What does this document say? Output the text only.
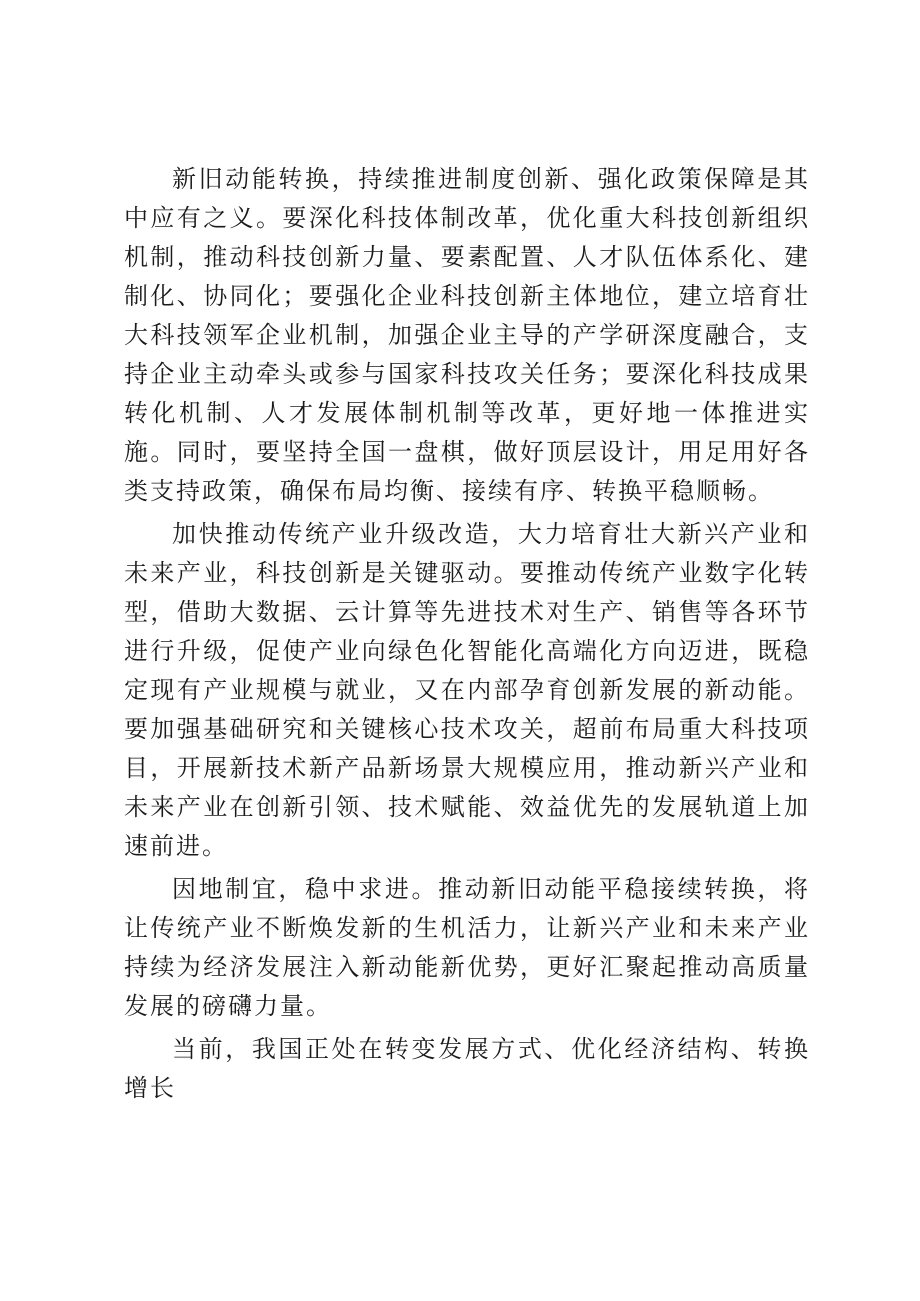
新旧动能转换，持续推进制度创新、强化政策保障是其中应有之义。要深化科技体制改革，优化重大科技创新组织机制，推动科技创新力量、要素配置、人才队伍体系化、建制化、协同化；要强化企业科技创新主体地位，建立培育壮大科技领军企业机制，加强企业主导的产学研深度融合，支持企业主动牵头或参与国家科技攻关任务；要深化科技成果转化机制、人才发展体制机制等改革，更好地一体推进实施。同时，要坚持全国一盘棋，做好顶层设计，用足用好各类支持政策，确保布局均衡、接续有序、转换平稳顺畅。

加快推动传统产业升级改造，大力培育壮大新兴产业和未来产业，科技创新是关键驱动。要推动传统产业数字化转型，借助大数据、云计算等先进技术对生产、销售等各环节进行升级，促使产业向绿色化智能化高端化方向迈进，既稳定现有产业规模与就业，又在内部孕育创新发展的新动能。要加强基础研究和关键核心技术攻关，超前布局重大科技项目，开展新技术新产品新场景大规模应用，推动新兴产业和未来产业在创新引领、技术赋能、效益优先的发展轨道上加速前进。

因地制宜，稳中求进。推动新旧动能平稳接续转换，将让传统产业不断焕发新的生机活力，让新兴产业和未来产业持续为经济发展注入新动能新优势，更好汇聚起推动高质量发展的磅礴力量。

当前，我国正处在转变发展方式、优化经济结构、转换增长
